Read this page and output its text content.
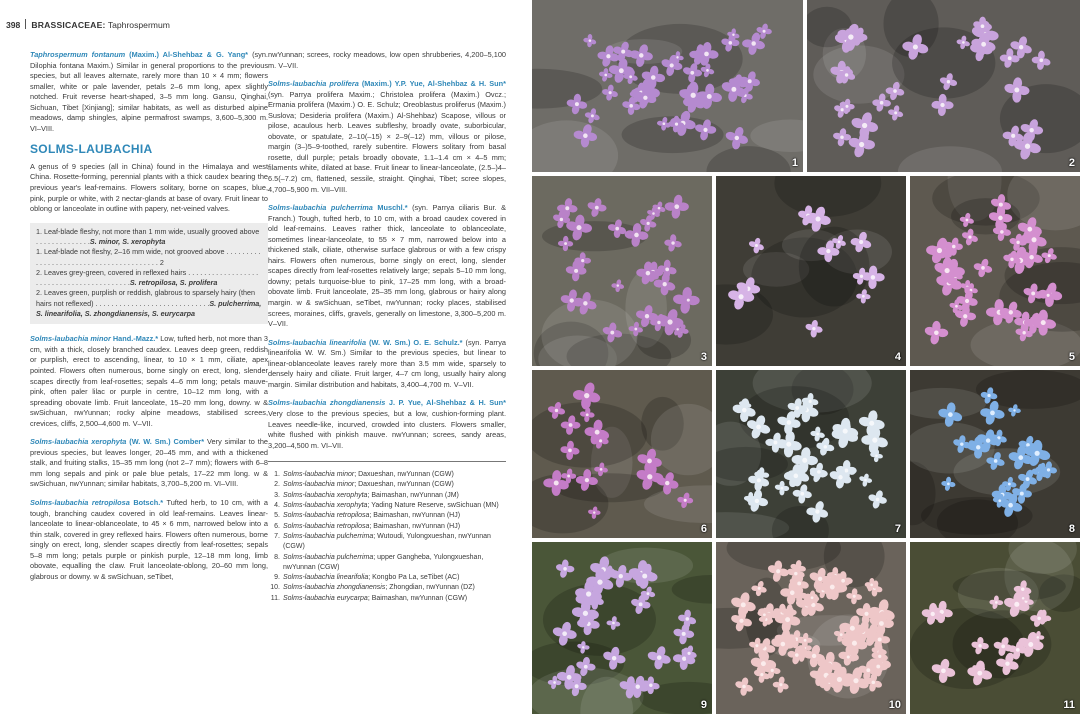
398 BRASSICACEAE: Taphrospermum
Taphrospermum fontanum (Maxim.) Al-Shehbaz & G. Yang* (syn. Dilophia fontana Maxim.) Similar in general proportions to the previous species, but all leaves alternate, rarely more than 10 × 4 mm; flowers smaller, white or pale lavender, petals 2–6 mm long, apex slightly notched. Fruit reverse heart-shaped, 3–5 mm long. Gansu, Qinghai, Sichuan, Tibet [Xinjiang]; similar habitats, as well as disturbed alpine meadows, damp shingles, alpine permafrost swamps, 3,600–5,300 m. VI–VIII.
SOLMS-LAUBACHIA
A genus of 9 species (all in China) found in the Himalaya and west China. Rosette-forming, perennial plants with a thick caudex bearing the previous year's leaf-remains. Flowers solitary, borne on scapes, blue, pink, purple or white, with 2 nectar-glands at base of ovary. Fruit linear to oblong or lanceolate in outline with papery, net-veined valves.
1. Leaf-blade fleshy, not more than 1 mm wide, usually grooved above . . . . . . . . . . . . . .S. minor, S. xerophyta
1. Leaf-blade not fleshy, 2–16 mm wide, not grooved above . . . . . . . . . . . . . . . . . . . . . . . . . . . . . . . . . . . . . . . . 2
2. Leaves grey-green, covered in reflexed hairs . . . . . . . . . . . . . . . . . . . . . . . . . . . . . . . . . . . . . . . . . .S. retropilosa, S. prolifera
2. Leaves green, purplish or reddish, glabrous to sparsely hairy (then hairs not reflexed) . . . . . . . . . . . . . . . . . . . . . . . . . . . . .S. pulcherrima, S. linearifolia, S. zhongdianensis, S. eurycarpa
Solms-laubachia minor Hand.-Mazz.* Low, tufted herb, not more than 3 cm, with a thick, closely branched caudex. Leaves deep green, reddish or purplish, erect to ascending, linear, to 10 × 1 mm, ciliate, apex pointed. Flowers often numerous, borne singly on erect, long, slender scapes directly from leaf-rosettes; sepals 4–6 mm long; petals mauve-pink, often paler lilac or purple in centre, 10–12 mm long, with a spreading obovate limb. Fruit lanceolate, 15–20 mm long, downy. w & swSichuan, nwYunnan; rocky alpine meadows, stabilised screes, crevices, cliffs, 2,500–4,600 m. V–VII.
Solms-laubachia xerophyta (W. W. Sm.) Comber* Very similar to the previous species, but leaves longer, 20–45 mm, and with a thickened stalk, and fruiting stalks, 15–35 mm long (not 2–7 mm); flowers with 6–8 mm long sepals and pink or pale blue petals, 17–22 mm long. w & swSichuan, nwYunnan; similar habitats, 3,700–5,200 m. VI–VIII.
Solms-laubachia retropilosa Botsch.* Tufted herb, to 10 cm, with a tough, branching caudex covered in old leaf-remains. Leaves linear-lanceolate to linear-oblanceolate, to 45 × 6 mm, narrowed below into a thin stalk, covered in grey reflexed hairs. Flowers often numerous, borne singly on erect, long, slender scapes directly from leaf-rosettes; sepals 5–8 mm long; petals purple or pinkish purple, 12–18 mm long, limb obovate, equalling the claw. Fruit lanceolate-oblong, 20–60 mm long, glabrous or downy. w & swSichuan, seTibet,
nwYunnan; screes, rocky meadows, low open shrubberies, 4,200–5,100 m. V–VII.
Solms-laubachia prolifera (Maxim.) Y.P. Yue, Al-Shehbaz & H. Sun* (syn. Parrya prolifera Maxim.; Christolea prolifera (Maxim.) Ovcz.; Ermania prolifera (Maxim.) O. E. Schulz; Oreoblastus proliferus (Maxim.) Suslova; Desideria prolifera (Maxim.) Al-Shehbaz) Scapose, villous or pilose, acaulous herb. Leaves subfleshy, broadly ovate, suborbicular, obovate, or spatulate, 2–10(–15) × 2–9(–12) mm, villous or pilose, margin (3–)5–9-toothed, rarely subentire. Flowers solitary from basal rosette, dull purple; petals broadly obovate, 1.1–1.4 cm × 4–5 mm; filaments white, dilated at base. Fruit linear to linear-lanceolate, (2.5–)4–6.5(–7.2) cm, flattened, sessile, straight. Qinghai, Tibet; scree slopes, 4,700–5,900 m. VII–VIII.
Solms-laubachia pulcherrima Muschl.* (syn. Parrya ciliaris Bur. & Franch.) Tough, tufted herb, to 10 cm, with a broad caudex covered in old leaf-remains. Leaves rather thick, lanceolate to oblanceolate, sometimes linear-lanceolate, to 55 × 7 mm, narrowed below into a thickened stalk, ciliate, otherwise surface glabrous or with a few crispy hairs. Flowers often numerous, borne singly on erect, long, slender scapes directly from leaf-rosettes relatively large; sepals 5–10 mm long, downy; petals turquoise-blue to pink, 17–25 mm long, with a broad-obovate limb. Fruit lanceolate, 25–35 mm long, glabrous or hairy along margin. w & swSichuan, seTibet, nwYunnan; rocky places, stabilised screes, moraines, cliffs, gravels, generally on limestone, 3,300–5,200 m. V–VII.
Solms-laubachia linearifolia (W. W. Sm.) O. E. Schulz.* (syn. Parrya linearifolia W. W. Sm.) Similar to the previous species, but linear to linear-oblanceolate leaves rarely more than 3.5 mm wide, sparsely to densely hairy and ciliate. Fruit larger, 4–7 cm long, usually hairy along margin. Similar distribution and habitats, 3,400–4,700 m. V–VII.
Solms-laubachia zhongdianensis J. P. Yue, Al-Shehbaz & H. Sun* Very close to the previous species, but a low, cushion-forming plant. Leaves needle-like, incurved, crowded into clusters. Flowers smaller, white flushed with pinkish mauve. nwYunnan; screes, sandy areas, 3,200–4,500 m. VI–VII.
1. Solms-laubachia minor; Daxueshan, nwYunnan (CGW)
2. Solms-laubachia minor; Daxueshan, nwYunnan (CGW)
3. Solms-laubachia xerophyta; Baimashan, nwYunnan (JM)
4. Solms-laubachia xerophyta; Yading Nature Reserve, swSichuan (MN)
5. Solms-laubachia retropilosa; Baimashan, nwYunnan (HJ)
6. Solms-laubachia retropilosa; Baimashan, nwYunnan (HJ)
7. Solms-laubachia pulcherrima; Wutoudi, Yulongxueshan, nwYunnan (CGW)
8. Solms-laubachia pulcherrima; upper Gangheba, Yulongxueshan, nwYunnan (CGW)
9. Solms-laubachia linearifolia; Kongbo Pa La, seTibet (AC)
10. Solms-laubachia zhongdianensis; Zhongdian, nwYunnan (DZ)
11. Solms-laubachia eurycarpa; Baimashan, nwYunnan (CGW)
1	2
3	4	5
6	7	8
9	10	11
